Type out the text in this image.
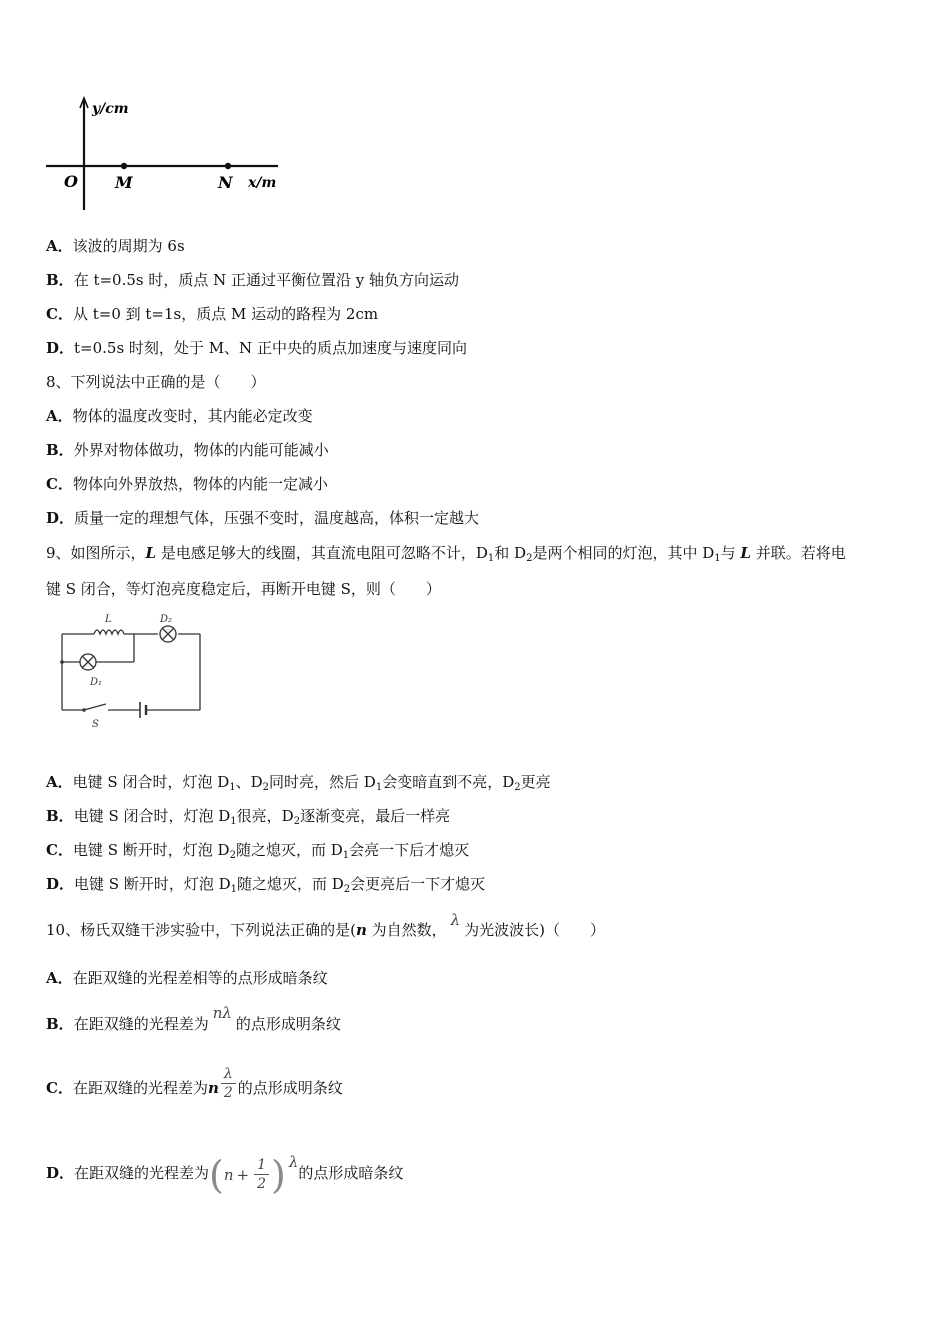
y/cm
O M	N x/m
A．该波的周期为 6s
B．在 t=0.5s 时，质点 N 正通过平衡位置沿 y 轴负方向运动
C．从 t=0 到 t=1s，质点 M 运动的路程为 2cm
D．t=0.5s 时刻，处于 M、N 正中央的质点加速度与速度同向
8、下列说法中正确的是（　　）
A．物体的温度改变时，其内能必定改变
B．外界对物体做功，物体的内能可能减小
C．物体向外界放热，物体的内能一定减小
D．质量一定的理想气体，压强不变时，温度越高，体积一定越大
9、如图所示，L 是电感足够大的线圈，其直流电阻可忽略不计，$D_1$和 $D_2$是两个相同的灯泡，其中 $D_1$与 L 并联。若将电
键 S 闭合，等灯泡亮度稳定后，再断开电键 S，则（　　）
L	D₂
D₁
S
A．电键 S 闭合时，灯泡 $D_1$、$D_2$同时亮，然后 $D_1$会变暗直到不亮，$D_2$更亮
B．电键 S 闭合时，灯泡 $D_1$很亮，$D_2$逐渐变亮，最后一样亮
C．电键 S 断开时，灯泡 $D_2$随之熄灭，而 $D_1$会亮一下后才熄灭
D．电键 S 断开时，灯泡 $D_1$随之熄灭，而 $D_2$会更亮后一下才熄灭
10、杨氏双缝干涉实验中，下列说法正确的是(n 为自然数，λ为光波波长)（　　）
A．在距双缝的光程差相等的点形成暗条纹
B．在距双缝的光程差为nλ的点形成明条纹
C．在距双缝的光程差为n $\frac{\lambda}{2}$ 的点形成明条纹
D．在距双缝的光程差为($n + \frac{1}{2}$ ) λ的点形成暗条纹
